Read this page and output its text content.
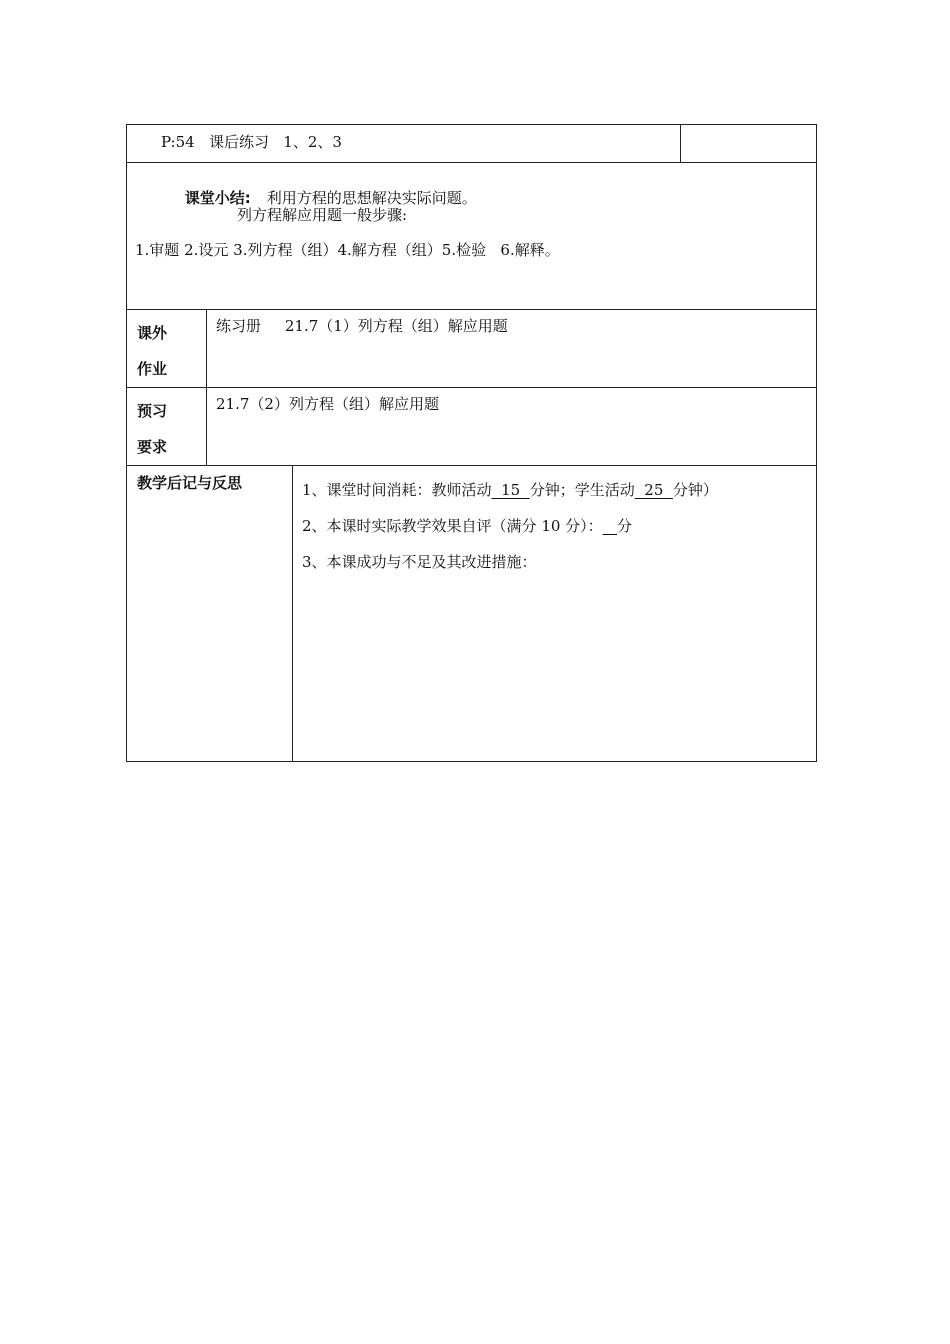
P:54   课后练习   1、2、3			

课堂小结: 利用方程的思想解决实际问题。

列方程解应用题一般步骤:
1.审题 2.设元 3.列方程（组）4.解方程（组）5.检验   6.解释。			

课外
作业	练习册     21.7（1）列方程（组）解应用题		

预习
要求	21.7（2）列方程（组）解应用题		

教学后记与反思		1、课堂时间消耗：教师活动  15  分钟；学生活动  25  分钟）
2、本课时实际教学效果自评（满分 10 分）： 分
3、本课成功与不足及其改进措施：	
